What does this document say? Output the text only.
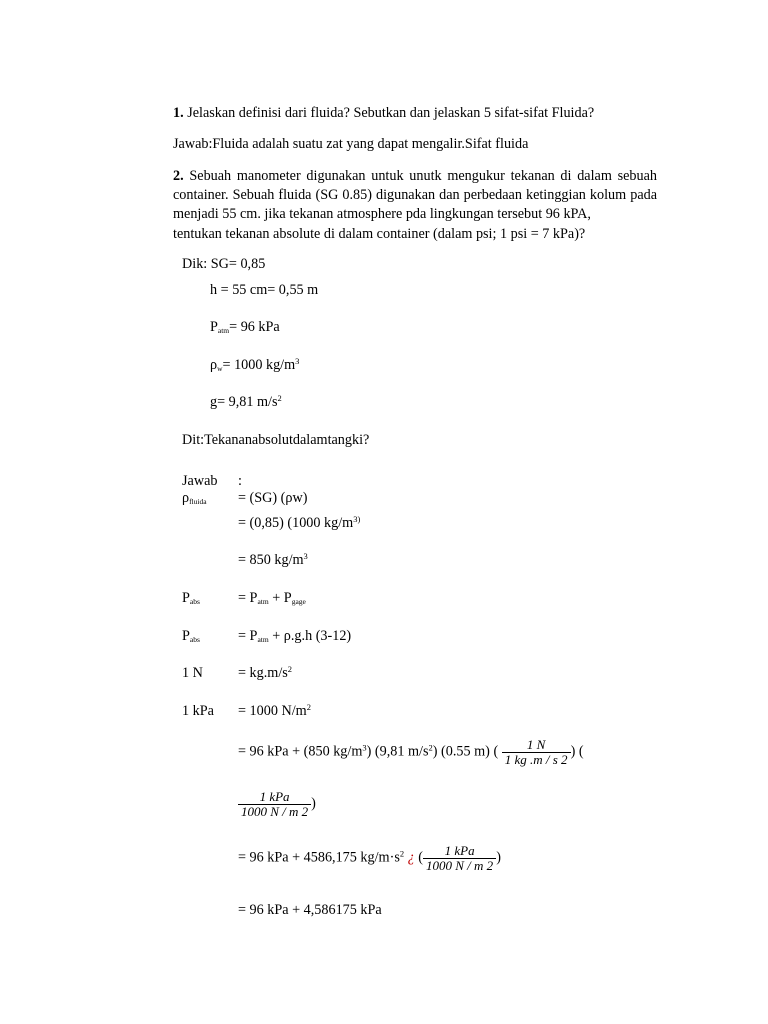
1. Jelaskan definisi dari fluida? Sebutkan dan jelaskan 5 sifat-sifat Fluida?
Jawab:Fluida adalah suatu zat yang dapat mengalir.Sifat fluida
2. Sebuah manometer digunakan untuk unutk mengukur tekanan di dalam sebuah container. Sebuah fluida (SG 0.85) digunakan dan perbedaan ketinggian kolum pada menjadi 55 cm. jika tekanan atmosphere pda lingkungan tersebut 96 kPA,
tentukan tekanan absolute di dalam container (dalam psi; 1 psi = 7 kPa)?
Dik: SG= 0,85
h = 55 cm= 0,55 m
$P_{atm}= 96$ kPa
$\rho_w= 1000$ $kg/m^3$
g= 9,81 $m/s^2$
Dit:Tekananabsolutdalamtangki?
Jawab :
$\rho_{fluida} = (SG)$ (ρw)
= (0,85) (1000 $kg/m^{3)}$
= 850 $kg/m^3$
$P_{abs}$	= $P_{atm} + P_{gage}$
$P_{abs}$	= $P_{atm} + \rho.g.h$ (3-12)
1 $N = kg.m/s^2$
1 kPa = 1000 $N/m^2$
= 96 kPa + (850 $kg/m^3$) (9,81 $m/s^2$) (0.55 m) ( $\frac{1 N}{1 kg .m / s 2}$ ) (
$\frac{\text{1 kPa}}{1000 N / m 2}$ )
= 96 kPa + 4586,175 $kg/m\cdot s^2$ ¿ ( $\frac{\text{1 kPa}}{1000 N / m 2}$ )
= 96 kPa + 4,586175 kPa
